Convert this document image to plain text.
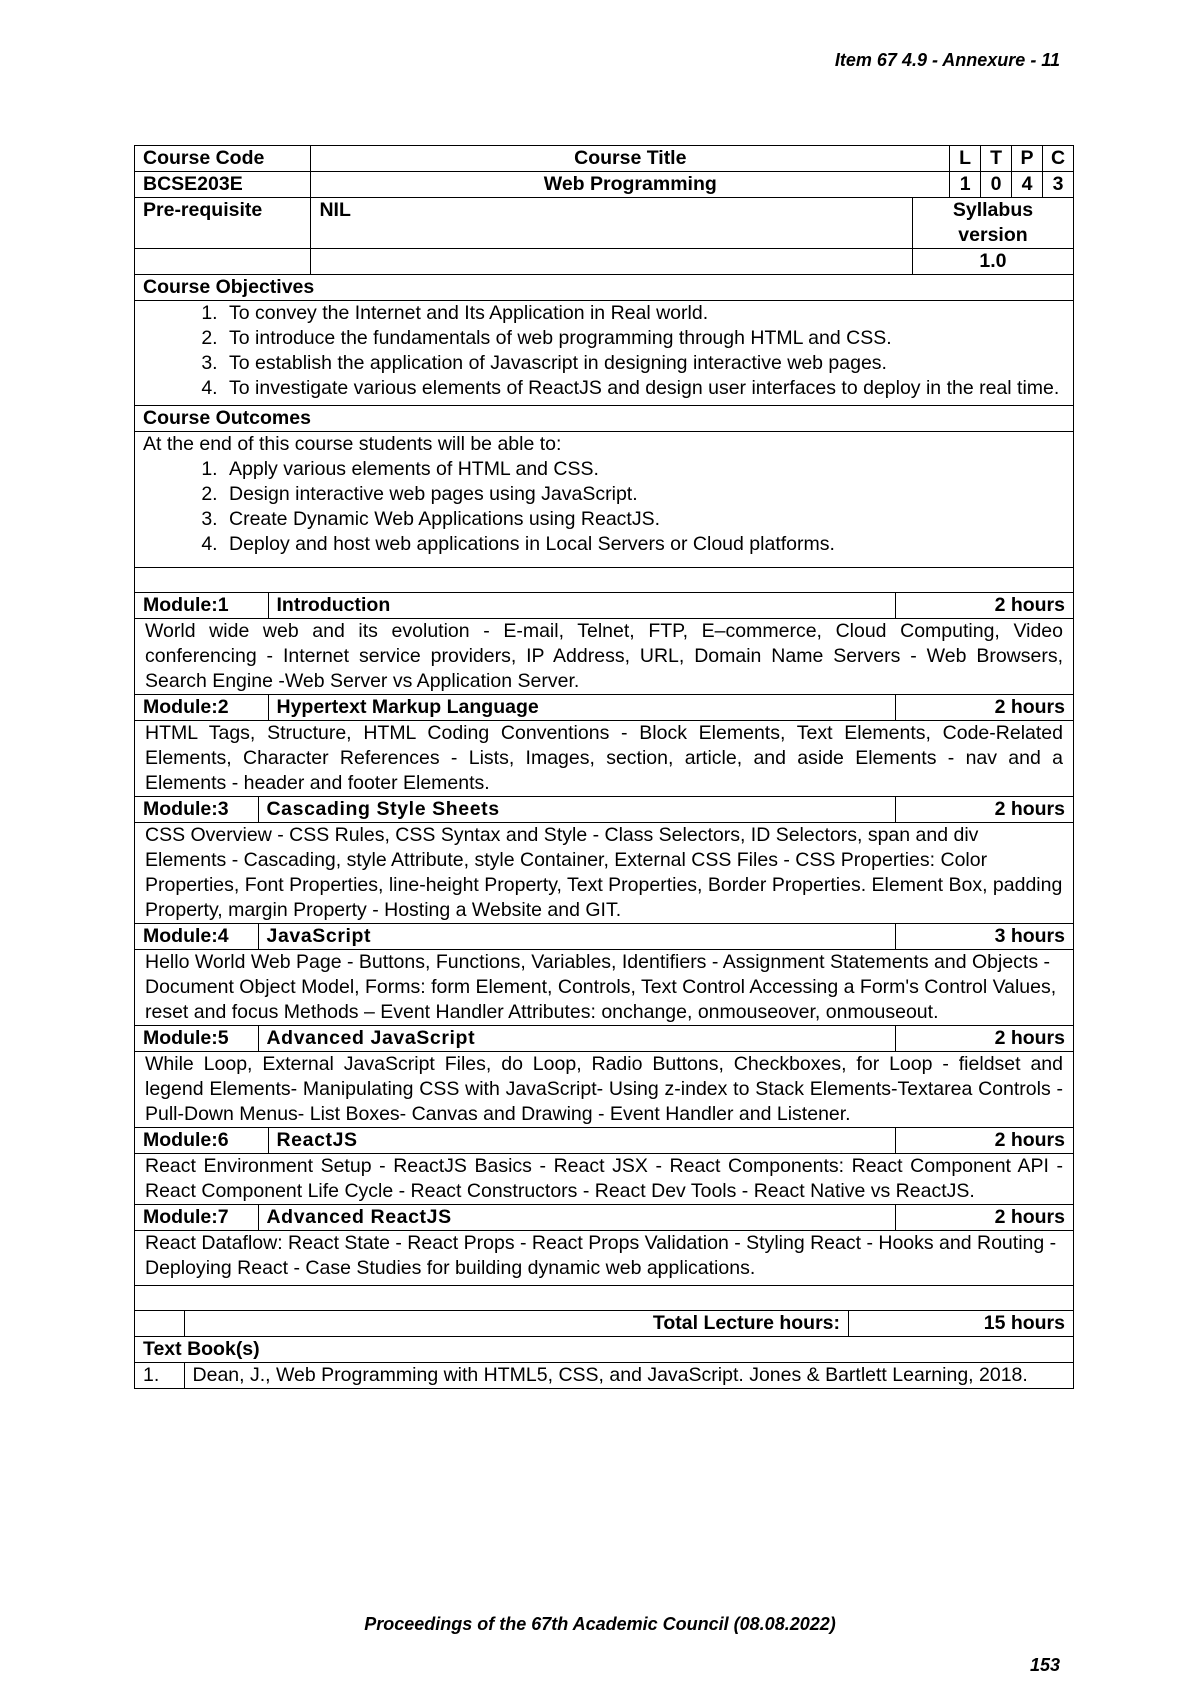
Item 67 4.9 - Annexure - 11
Course Code	Course Title	L	T	P	C
BCSE203E	Web Programming	1	0	4	3
Pre-requisite	NIL	Syllabus version
		1.0
Course Objectives

1. To convey the Internet and Its Application in Real world.
2. To introduce the fundamentals of web programming through HTML and CSS.
3. To establish the application of Javascript in designing interactive web pages.
4. To investigate various elements of ReactJS and design user interfaces to deploy in the real time.

Course Outcomes

At the end of this course students will be able to:
1. Apply various elements of HTML and CSS.
2. Design interactive web pages using JavaScript.
3. Create Dynamic Web Applications using ReactJS.
4. Deploy and host web applications in Local Servers or Cloud platforms.

Module:1	Introduction	2 hours

World wide web and its evolution - E-mail, Telnet, FTP, E–commerce, Cloud Computing, Video conferencing - Internet service providers, IP Address, URL, Domain Name Servers - Web Browsers, Search Engine -Web Server vs Application Server.

Module:2	Hypertext Markup Language	2 hours

HTML Tags, Structure, HTML Coding Conventions - Block Elements, Text Elements, Code-Related Elements, Character References - Lists, Images, section, article, and aside Elements - nav and a Elements - header and footer Elements.

Module:3	Cascading Style Sheets	2 hours

CSS Overview - CSS Rules, CSS Syntax and Style - Class Selectors, ID Selectors, span and div Elements - Cascading, style Attribute, style Container, External CSS Files - CSS Properties: Color Properties, Font Properties, line-height Property, Text Properties, Border Properties. Element Box, padding Property, margin Property - Hosting a Website and GIT.

Module:4	JavaScript	3 hours

Hello World Web Page - Buttons, Functions, Variables, Identifiers - Assignment Statements and Objects - Document Object Model, Forms: form Element, Controls, Text Control Accessing a Form's Control Values, reset and focus Methods – Event Handler Attributes: onchange, onmouseover, onmouseout.

Module:5	Advanced JavaScript	2 hours

While Loop, External JavaScript Files, do Loop, Radio Buttons, Checkboxes, for Loop - fieldset and legend Elements- Manipulating CSS with JavaScript- Using z-index to Stack Elements-Textarea Controls - Pull-Down Menus- List Boxes- Canvas and Drawing - Event Handler and Listener.

Module:6	ReactJS	2 hours

React Environment Setup - ReactJS Basics - React JSX - React Components: React Component API - React Component Life Cycle - React Constructors - React Dev Tools - React Native vs ReactJS.

Module:7	Advanced ReactJS	2 hours

React Dataflow: React State - React Props - React Props Validation - Styling React - Hooks and Routing - Deploying React - Case Studies for building dynamic web applications.

	Total Lecture hours:	15 hours
Text Book(s)
1.	Dean, J., Web Programming with HTML5, CSS, and JavaScript. Jones & Bartlett Learning, 2018.
Proceedings of the 67th Academic Council (08.08.2022)
153
